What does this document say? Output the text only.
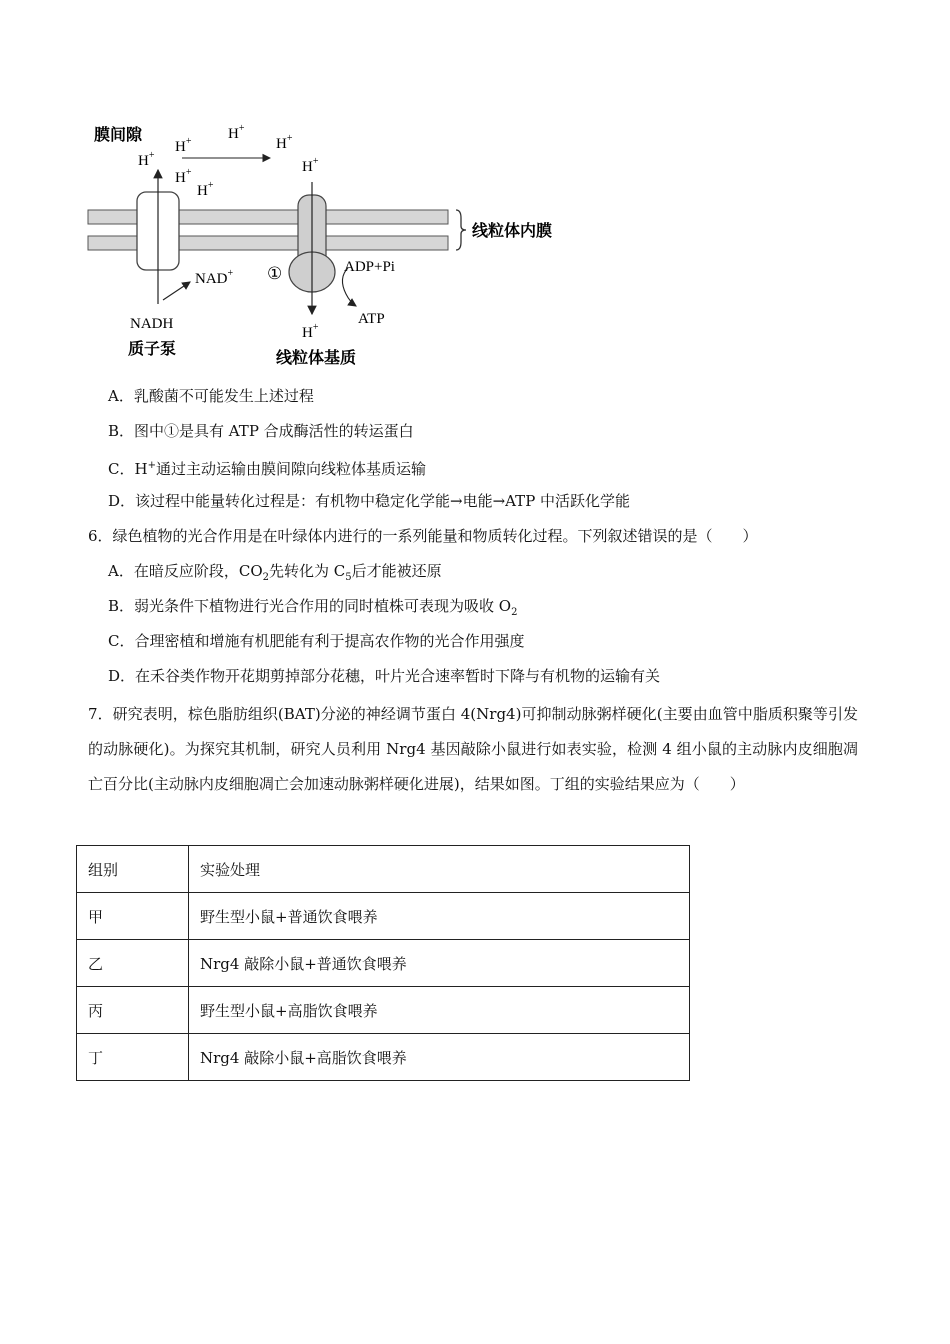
膜间隙
线粒体内膜
线粒体基质
质子泵
NADH
NAD+	ADP+Pi
ATP
①
H+
H+ H+
H+
H+
H+
H+
H+
A．乳酸菌不可能发生上述过程
B．图中①是具有 ATP 合成酶活性的转运蛋白
C．H+通过主动运输由膜间隙向线粒体基质运输
D．该过程中能量转化过程是：有机物中稳定化学能→电能→ATP 中活跃化学能
6．绿色植物的光合作用是在叶绿体内进行的一系列能量和物质转化过程。下列叙述错误的是（　　）
A．在暗反应阶段，$CO_2$先转化为 $C_5$后才能被还原
B．弱光条件下植物进行光合作用的同时植株可表现为吸收 $O_2$
C．合理密植和增施有机肥能有利于提高农作物的光合作用强度
D．在禾谷类作物开花期剪掉部分花穗，叶片光合速率暂时下降与有机物的运输有关
7．研究表明，棕色脂肪组织(BAT)分泌的神经调节蛋白 4(Nrg4)可抑制动脉粥样硬化(主要由血管中脂质积聚等引发的动脉硬化)。为探究其机制，研究人员利用 Nrg4 基因敲除小鼠进行如表实验，检测 4 组小鼠的主动脉内皮细胞凋亡百分比(主动脉内皮细胞凋亡会加速动脉粥样硬化进展)，结果如图。丁组的实验结果应为（　　）
组别	实验处理
甲	野生型小鼠+普通饮食喂养
乙	Nrg4 敲除小鼠+普通饮食喂养
丙	野生型小鼠+高脂饮食喂养
丁	Nrg4 敲除小鼠+高脂饮食喂养
